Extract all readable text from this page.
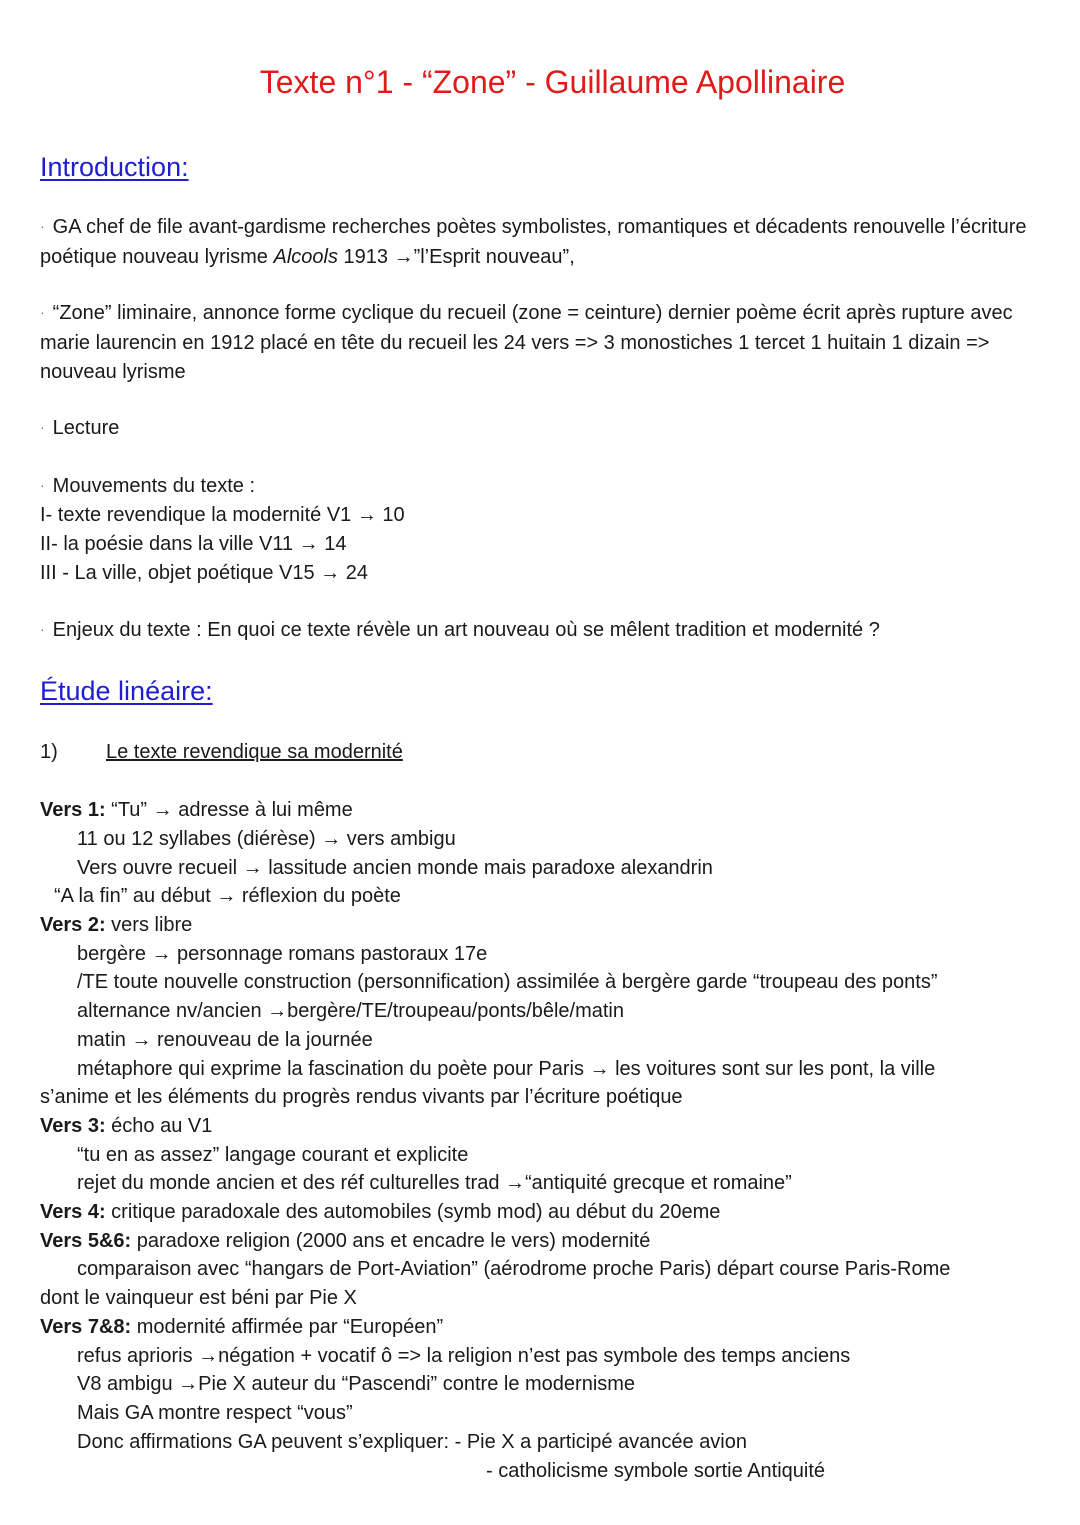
Texte n°1 - “Zone” - Guillaume Apollinaire
Introduction:
· GA chef de file avant-gardisme recherches poètes symbolistes, romantiques et décadents renouvelle l’écriture poétique nouveau lyrisme Alcools 1913 →”l’Esprit nouveau”,
· “Zone” liminaire, annonce forme cyclique du recueil (zone = ceinture) dernier poème écrit après rupture avec marie laurencin en 1912 placé en tête du recueil les 24 vers => 3 monostiches 1 tercet 1 huitain 1 dizain => nouveau lyrisme
· Lecture
· Mouvements du texte :
I- texte revendique la modernité V1 → 10
II- la poésie dans la ville V11 → 14
III - La ville, objet poétique V15 → 24
· Enjeux du texte : En quoi ce texte révèle un art nouveau où se mêlent tradition et modernité ?
Étude linéaire:
1) Le texte revendique sa modernité
Vers 1: “Tu” → adresse à lui même
11 ou 12 syllabes (diérèse) → vers ambigu
Vers ouvre recueil → lassitude ancien monde mais paradoxe alexandrin
“A la fin” au début → réflexion du poète
Vers 2: vers libre
bergère → personnage romans pastoraux 17e
/TE toute nouvelle construction (personnification) assimilée à bergère garde “troupeau des ponts”
alternance nv/ancien →bergère/TE/troupeau/ponts/bêle/matin
matin → renouveau de la journée
métaphore qui exprime la fascination du poète pour Paris → les voitures sont sur les pont, la ville
s’anime et les éléments du progrès rendus vivants par l’écriture poétique
Vers 3: écho au V1
“tu en as assez” langage courant et explicite
rejet du monde ancien et des réf culturelles trad →“antiquité grecque et romaine”
Vers 4: critique paradoxale des automobiles (symb mod) au début du 20eme
Vers 5&6: paradoxe religion (2000 ans et encadre le vers) modernité
comparaison avec “hangars de Port-Aviation” (aérodrome proche Paris) départ course Paris-Rome
dont le vainqueur est béni par Pie X
Vers 7&8: modernité affirmée par “Européen”
refus aprioris →négation + vocatif ô => la religion n’est pas symbole des temps anciens
V8 ambigu →Pie X auteur du “Pascendi” contre le modernisme
Mais GA montre respect “vous”
Donc affirmations GA peuvent s’expliquer: - Pie X a participé avancée avion
- catholicisme symbole sortie Antiquité
